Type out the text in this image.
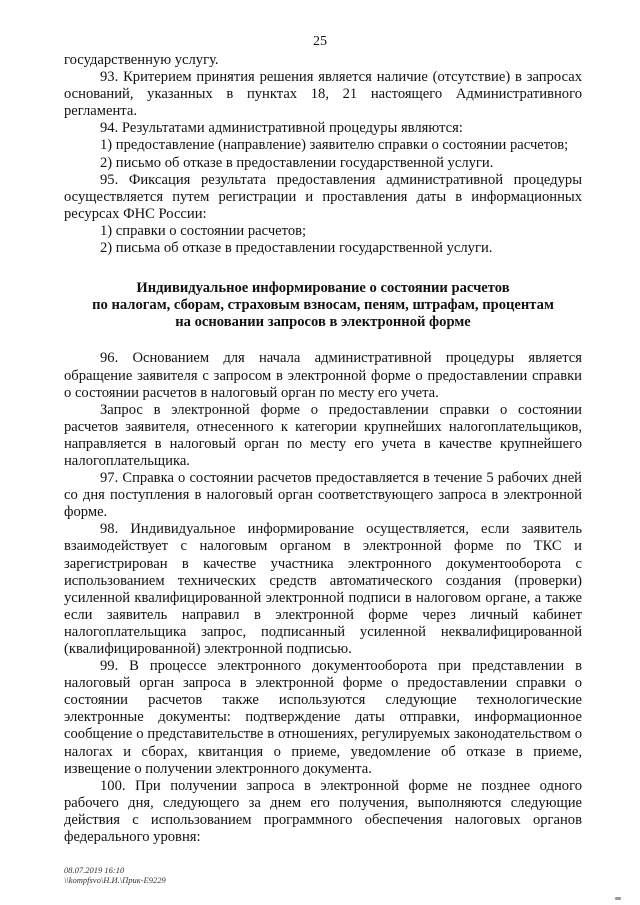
25

государственную услугу.

93. Критерием принятия решения является наличие (отсутствие) в запросах оснований, указанных в пунктах 18, 21 настоящего Административного регламента.

94. Результатами административной процедуры являются:

1) предоставление (направление) заявителю справки о состоянии расчетов;

2) письмо об отказе в предоставлении государственной услуги.

95. Фиксация результата предоставления административной процедуры осуществляется путем регистрации и проставления даты в информационных ресурсах ФНС России:

1) справки о состоянии расчетов;

2) письма об отказе в предоставлении государственной услуги.

Индивидуальное информирование о состоянии расчетов
по налогам, сборам, страховым взносам, пеням, штрафам, процентам
на основании запросов в электронной форме

96. Основанием для начала административной процедуры является обращение заявителя с запросом в электронной форме о предоставлении справки о состоянии расчетов в налоговый орган по месту его учета.

Запрос в электронной форме о предоставлении справки о состоянии расчетов заявителя, отнесенного к категории крупнейших налогоплательщиков, направляется в налоговый орган по месту его учета в качестве крупнейшего налогоплательщика.

97. Справка о состоянии расчетов предоставляется в течение 5 рабочих дней со дня поступления в налоговый орган соответствующего запроса в электронной форме.

98. Индивидуальное информирование осуществляется, если заявитель взаимодействует с налоговым органом в электронной форме по ТКС и зарегистрирован в качестве участника электронного документооборота с использованием технических средств автоматического создания (проверки) усиленной квалифицированной электронной подписи в налоговом органе, а также если заявитель направил в электронной форме через личный кабинет налогоплательщика запрос, подписанный усиленной неквалифицированной (квалифицированной) электронной подписью.

99. В процессе электронного документооборота при представлении в налоговый орган запроса в электронной форме о предоставлении справки о состоянии расчетов также используются следующие технологические электронные документы: подтверждение даты отправки, информационное сообщение о представительстве в отношениях, регулируемых законодательством о налогах и сборах, квитанция о приеме, уведомление об отказе в приеме, извещение о получении электронного документа.

100. При получении запроса в электронной форме не позднее одного рабочего дня, следующего за днем его получения, выполняются следующие действия с использованием программного обеспечения налоговых органов федерального уровня:

08.07.2019 16:10
\\kompfsvo\Н.И.\Прик-Е9229
